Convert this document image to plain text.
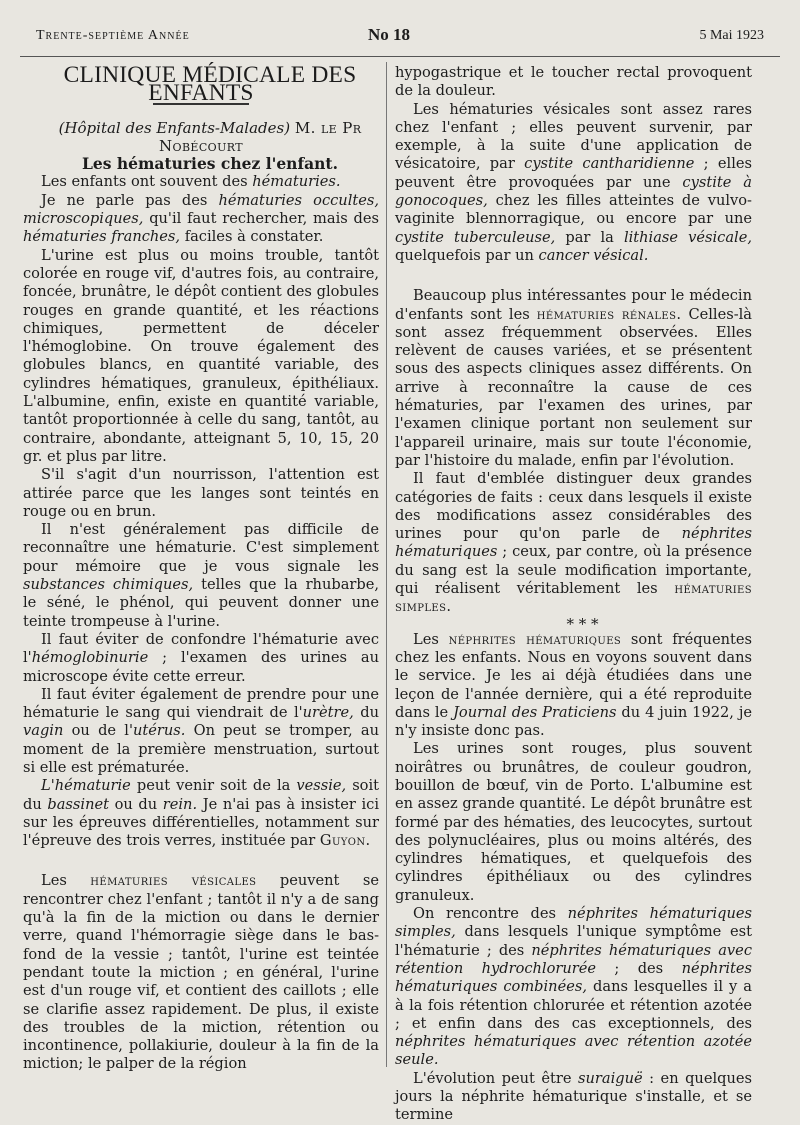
Trente-septième Année	No 18	5 Mai 1923

CLINIQUE MÉDICALE DES ENFANTS

(Hôpital des Enfants-Malades) M. le Pr Nobécourt

Les hématuries chez l'enfant.

Les enfants ont souvent des hématuries.

Je ne parle pas des hématuries occultes, microscopiques, qu'il faut rechercher, mais des hématuries franches, faciles à constater.

L'urine est plus ou moins trouble, tantôt colorée en rouge vif, d'autres fois, au contraire, foncée, brunâtre, le dépôt contient des globules rouges en grande quantité, et les réactions chimiques, permettent de déceler l'hémoglobine. On trouve également des globules blancs, en quantité variable, des cylindres hématiques, granuleux, épithéliaux. L'albumine, enfin, existe en quantité variable, tantôt proportionnée à celle du sang, tantôt, au contraire, abondante, atteignant 5, 10, 15, 20 gr. et plus par litre.

S'il s'agit d'un nourrisson, l'attention est attirée parce que les langes sont teintés en rouge ou en brun.

Il n'est généralement pas difficile de reconnaître une hématurie. C'est simplement pour mémoire que je vous signale les substances chimiques, telles que la rhubarbe, le séné, le phénol, qui peuvent donner une teinte trompeuse à l'urine.

Il faut éviter de confondre l'hématurie avec l'hémoglobinurie ; l'examen des urines au microscope évite cette erreur.

Il faut éviter également de prendre pour une hématurie le sang qui viendrait de l'urètre, du vagin ou de l'utérus. On peut se tromper, au moment de la première menstruation, surtout si elle est prématurée.

L'hématurie peut venir soit de la vessie, soit du bassinet ou du rein. Je n'ai pas à insister ici sur les épreuves différentielles, notamment sur l'épreuve des trois verres, instituée par Guyon.

Les hématuries vésicales peuvent se rencontrer chez l'enfant ; tantôt il n'y a de sang qu'à la fin de la miction ou dans le dernier verre, quand l'hémorragie siège dans le bas-fond de la vessie ; tantôt, l'urine est teintée pendant toute la miction ; en général, l'urine est d'un rouge vif, et contient des caillots ; elle se clarifie assez rapidement. De plus, il existe des troubles de la miction, rétention ou incontinence, pollakiurie, douleur à la fin de la miction; le palper de la région

hypogastrique et le toucher rectal provoquent de la douleur.

Les hématuries vésicales sont assez rares chez l'enfant ; elles peuvent survenir, par exemple, à la suite d'une application de vésicatoire, par cystite cantharidienne ; elles peuvent être provoquées par une cystite à gonocoques, chez les filles atteintes de vulvo-vaginite blennorragique, ou encore par une cystite tuberculeuse, par la lithiase vésicale, quelquefois par un cancer vésical.

Beaucoup plus intéressantes pour le médecin d'enfants sont les hématuries rénales. Celles-là sont assez fréquemment observées. Elles relèvent de causes variées, et se présentent sous des aspects cliniques assez différents. On arrive à reconnaître la cause de ces hématuries, par l'examen des urines, par l'examen clinique portant non seulement sur l'appareil urinaire, mais sur toute l'économie, par l'histoire du malade, enfin par l'évolution.

Il faut d'emblée distinguer deux grandes catégories de faits : ceux dans lesquels il existe des modifications assez considérables des urines pour qu'on parle de néphrites hématuriques ; ceux, par contre, où la présence du sang est la seule modification importante, qui réalisent véritablement les hématuries simples.

* * *

Les néphrites hématuriques sont fréquentes chez les enfants. Nous en voyons souvent dans le service. Je les ai déjà étudiées dans une leçon de l'année dernière, qui a été reproduite dans le Journal des Praticiens du 4 juin 1922, je n'y insiste donc pas.

Les urines sont rouges, plus souvent noirâtres ou brunâtres, de couleur goudron, bouillon de bœuf, vin de Porto. L'albumine est en assez grande quantité. Le dépôt brunâtre est formé par des hématies, des leucocytes, surtout des polynucléaires, plus ou moins altérés, des cylindres hématiques, et quelquefois des cylindres épithéliaux ou des cylindres granuleux.

On rencontre des néphrites hématuriques simples, dans lesquels l'unique symptôme est l'hématurie ; des néphrites hématuriques avec rétention hydrochlorurée ; des néphrites hématuriques combinées, dans lesquelles il y a à la fois rétention chlorurée et rétention azotée ; et enfin dans des cas exceptionnels, des néphrites hématuriques avec rétention azotée seule.

L'évolution peut être suraiguë : en quelques jours la néphrite hématurique s'installe, et se termine
